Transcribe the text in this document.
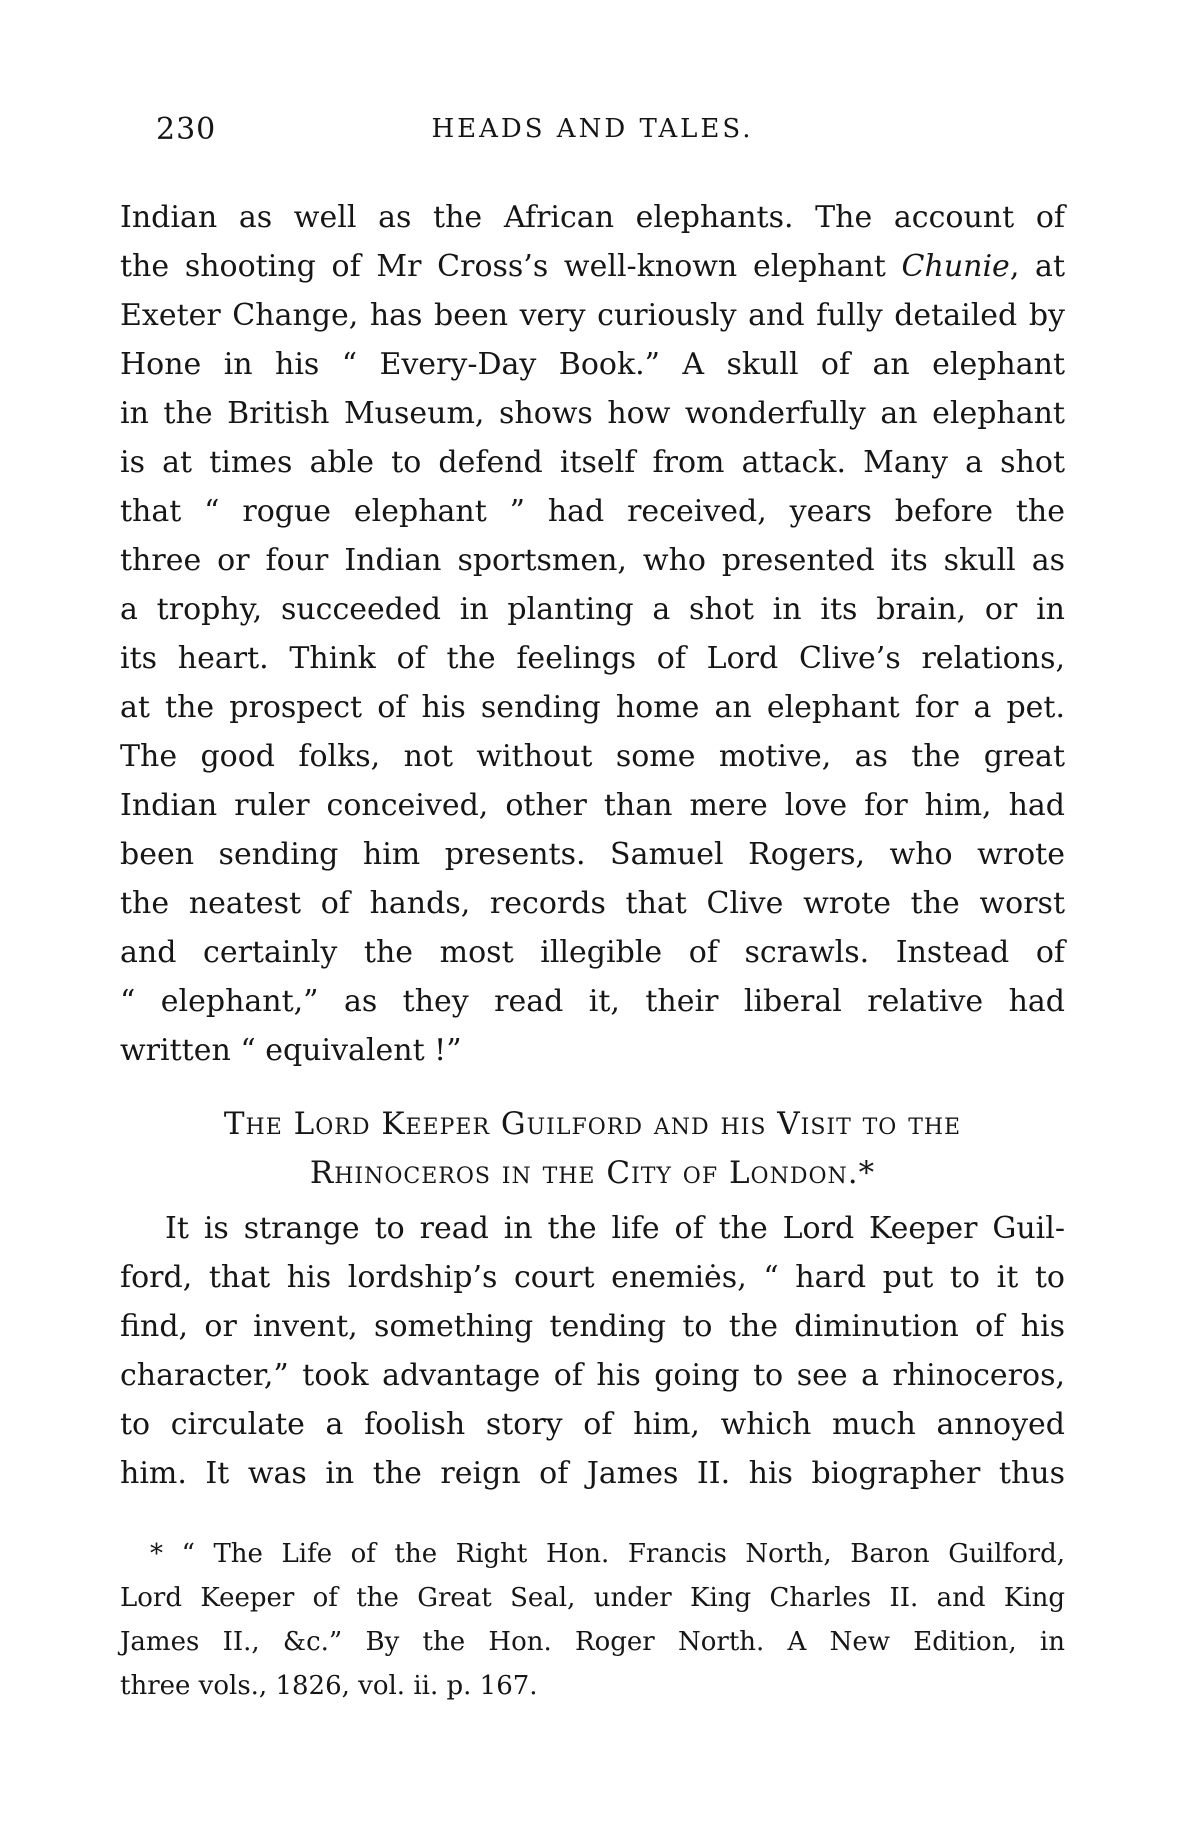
230	HEADS AND TALES.
Indian as well as the African elephants. The account of
the shooting of Mr Cross’s well-known elephant Chunie, at
Exeter Change, has been very curiously and fully detailed by
Hone in his “ Every-Day Book.” A skull of an elephant
in the British Museum, shows how wonderfully an elephant
is at times able to defend itself from attack. Many a shot
that “ rogue elephant ” had received, years before the
three or four Indian sportsmen, who presented its skull as
a trophy, succeeded in planting a shot in its brain, or in
its heart. Think of the feelings of Lord Clive’s relations,
at the prospect of his sending home an elephant for a pet.
The good folks, not without some motive, as the great
Indian ruler conceived, other than mere love for him, had
been sending him presents. Samuel Rogers, who wrote
the neatest of hands, records that Clive wrote the worst
and certainly the most illegible of scrawls. Instead of
“ elephant,” as they read it, their liberal relative had
written “ equivalent !”
The Lord Keeper Guilford and his Visit to the
Rhinoceros in the City of London.*
It is strange to read in the life of the Lord Keeper Guil-
ford, that his lordship’s court enemiės, “ hard put to it to
find, or invent, something tending to the diminution of his
character,” took advantage of his going to see a rhinoceros,
to circulate a foolish story of him, which much annoyed
him. It was in the reign of James II. his biographer thus
* “ The Life of the Right Hon. Francis North, Baron Guilford,
Lord Keeper of the Great Seal, under King Charles II. and King
James II., &c.” By the Hon. Roger North. A New Edition, in
three vols., 1826, vol. ii. p. 167.
